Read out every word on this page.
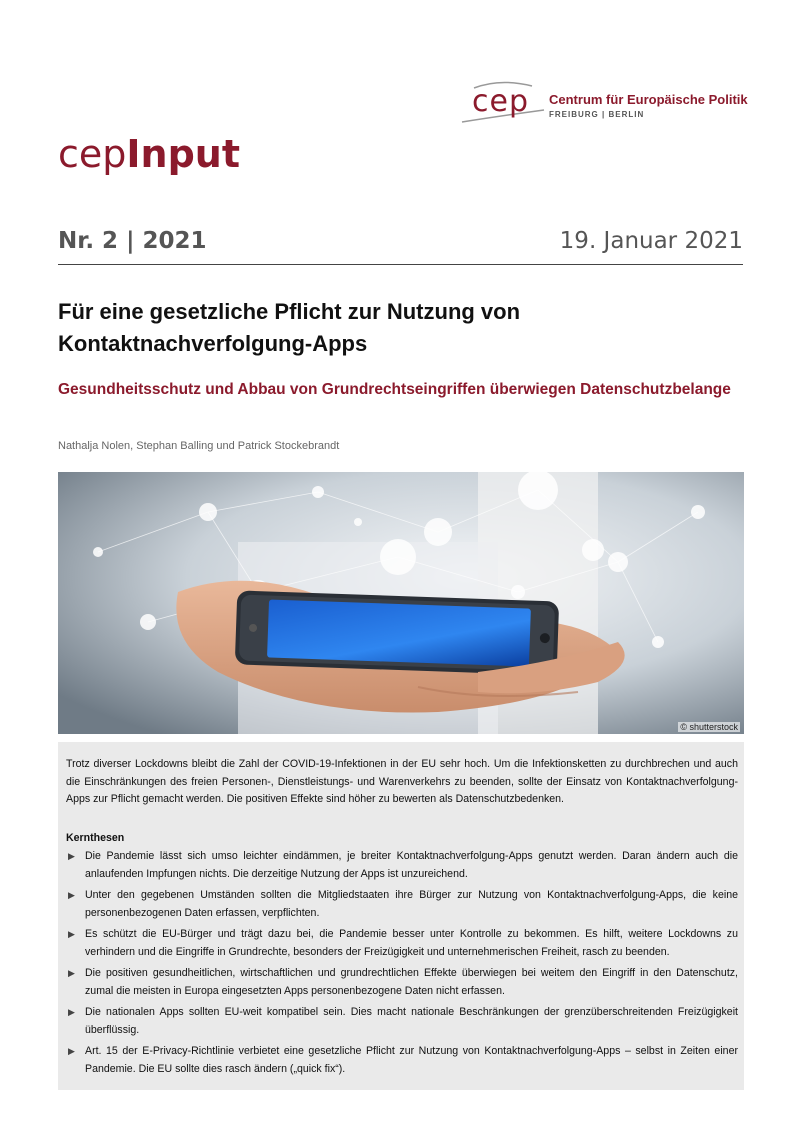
cep Centrum für Europäische Politik
FREIBURG | BERLIN
cepInput
Nr. 2 | 2021	19. Januar 2021
Für eine gesetzliche Pflicht zur Nutzung von Kontaktnachverfolgung-Apps
Gesundheitsschutz und Abbau von Grundrechtseingriffen überwiegen Datenschutzbelange
Nathalja Nolen, Stephan Balling und Patrick Stockebrandt
© shutterstock
Trotz diverser Lockdowns bleibt die Zahl der COVID-19-Infektionen in der EU sehr hoch. Um die Infektionsketten zu durchbrechen und auch die Einschränkungen des freien Personen-, Dienstleistungs- und Warenverkehrs zu beenden, sollte der Einsatz von Kontaktnachverfolgung-Apps zur Pflicht gemacht werden. Die positiven Effekte sind höher zu bewerten als Datenschutzbedenken.
Kernthesen
▶ Die Pandemie lässt sich umso leichter eindämmen, je breiter Kontaktnachverfolgung-Apps genutzt werden. Daran ändern auch die anlaufenden Impfungen nichts. Die derzeitige Nutzung der Apps ist unzureichend.
▶ Unter den gegebenen Umständen sollten die Mitgliedstaaten ihre Bürger zur Nutzung von Kontaktnachverfolgung-Apps, die keine personenbezogenen Daten erfassen, verpflichten.
▶ Es schützt die EU-Bürger und trägt dazu bei, die Pandemie besser unter Kontrolle zu bekommen. Es hilft, weitere Lockdowns zu verhindern und die Eingriffe in Grundrechte, besonders der Freizügigkeit und unternehmerischen Freiheit, rasch zu beenden.
▶ Die positiven gesundheitlichen, wirtschaftlichen und grundrechtlichen Effekte überwiegen bei weitem den Eingriff in den Datenschutz, zumal die meisten in Europa eingesetzten Apps personenbezogene Daten nicht erfassen.
▶ Die nationalen Apps sollten EU-weit kompatibel sein. Dies macht nationale Beschränkungen der grenzüberschreitenden Freizügigkeit überflüssig.
▶ Art. 15 der E-Privacy-Richtlinie verbietet eine gesetzliche Pflicht zur Nutzung von Kontaktnachverfolgung-Apps – selbst in Zeiten einer Pandemie. Die EU sollte dies rasch ändern („quick fix“).
